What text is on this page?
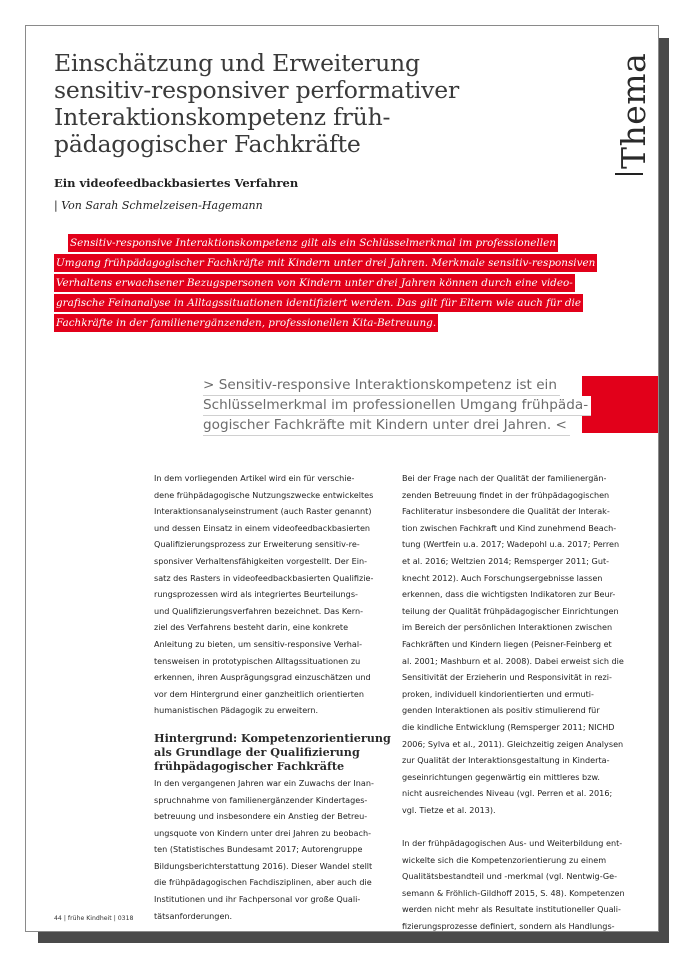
Einschätzung und Erweiterung
sensitiv-responsiver performativer
Interaktionskompetenz früh-
pädagogischer Fachkräfte
Ein videofeedbackbasiertes Verfahren
| Von Sarah Schmelzeisen-Hagemann
Thema
Sensitiv-responsive Interaktionskompetenz gilt als ein Schlüsselmerkmal im professionellen
Umgang frühpädagogischer Fachkräfte mit Kindern unter drei Jahren. Merkmale sensitiv-responsiven
Verhaltens erwachsener Bezugspersonen von Kindern unter drei Jahren können durch eine video-
grafische Feinanalyse in Alltagssituationen identifiziert werden. Das gilt für Eltern wie auch für die
Fachkräfte in der familienergänzenden, professionellen Kita-Betreuung.
> Sensitiv-responsive Interaktionskompetenz ist ein
Schlüsselmerkmal im professionellen Umgang frühpäda-
gogischer Fachkräfte mit Kindern unter drei Jahren. <
In dem vorliegenden Artikel wird ein für verschie-
dene frühpädagogische Nutzungszwecke entwickeltes
Interaktionsanalyseinstrument (auch Raster genannt)
und dessen Einsatz in einem videofeedbackbasierten
Qualifizierungsprozess zur Erweiterung sensitiv-re-
sponsiver Verhaltensfähigkeiten vorgestellt. Der Ein-
satz des Rasters in videofeedbackbasierten Qualifizie-
rungsprozessen wird als integriertes Beurteilungs-
und Qualifizierungsverfahren bezeichnet. Das Kern-
ziel des Verfahrens besteht darin, eine konkrete
Anleitung zu bieten, um sensitiv-responsive Verhal-
tensweisen in prototypischen Alltagssituationen zu
erkennen, ihren Ausprägungsgrad einzuschätzen und
vor dem Hintergrund einer ganzheitlich orientierten
humanistischen Pädagogik zu erweitern.
Hintergrund: Kompetenzorientierung
als Grundlage der Qualifizierung
frühpädagogischer Fachkräfte
In den vergangenen Jahren war ein Zuwachs der Inan-
spruchnahme von familienergänzender Kindertages-
betreuung und insbesondere ein Anstieg der Betreu-
ungsquote von Kindern unter drei Jahren zu beobach-
ten (Statistisches Bundesamt 2017; Autorengruppe
Bildungsberichterstattung 2016). Dieser Wandel stellt
die frühpädagogischen Fachdisziplinen, aber auch die
Institutionen und ihr Fachpersonal vor große Quali-
tätsanforderungen.
Bei der Frage nach der Qualität der familienergän-
zenden Betreuung findet in der frühpädagogischen
Fachliteratur insbesondere die Qualität der Interak-
tion zwischen Fachkraft und Kind zunehmend Beach-
tung (Wertfein u.a. 2017; Wadepohl u.a. 2017; Perren
et al. 2016; Weltzien 2014; Remsperger 2011; Gut-
knecht 2012). Auch Forschungsergebnisse lassen
erkennen, dass die wichtigsten Indikatoren zur Beur-
teilung der Qualität frühpädagogischer Einrichtungen
im Bereich der persönlichen Interaktionen zwischen
Fachkräften und Kindern liegen (Peisner-Feinberg et
al. 2001; Mashburn et al. 2008). Dabei erweist sich die
Sensitivität der Erzieherin und Responsivität in rezi-
proken, individuell kindorientierten und ermuti-
genden Interaktionen als positiv stimulierend für
die kindliche Entwicklung (Remsperger 2011; NICHD
2006; Sylva et al., 2011). Gleichzeitig zeigen Analysen
zur Qualität der Interaktionsgestaltung in Kinderta-
geseinrichtungen gegenwärtig ein mittleres bzw.
nicht ausreichendes Niveau (vgl. Perren et al. 2016;
vgl. Tietze et al. 2013).
In der frühpädagogischen Aus- und Weiterbildung ent-
wickelte sich die Kompetenzorientierung zu einem
Qualitätsbestandteil und -merkmal (vgl. Nentwig-Ge-
semann & Fröhlich-Gildhoff 2015, S. 48). Kompetenzen
werden nicht mehr als Resultate institutioneller Quali-
fizierungsprozesse definiert, sondern als Handlungs-
44 | frühe Kindheit | 0318
